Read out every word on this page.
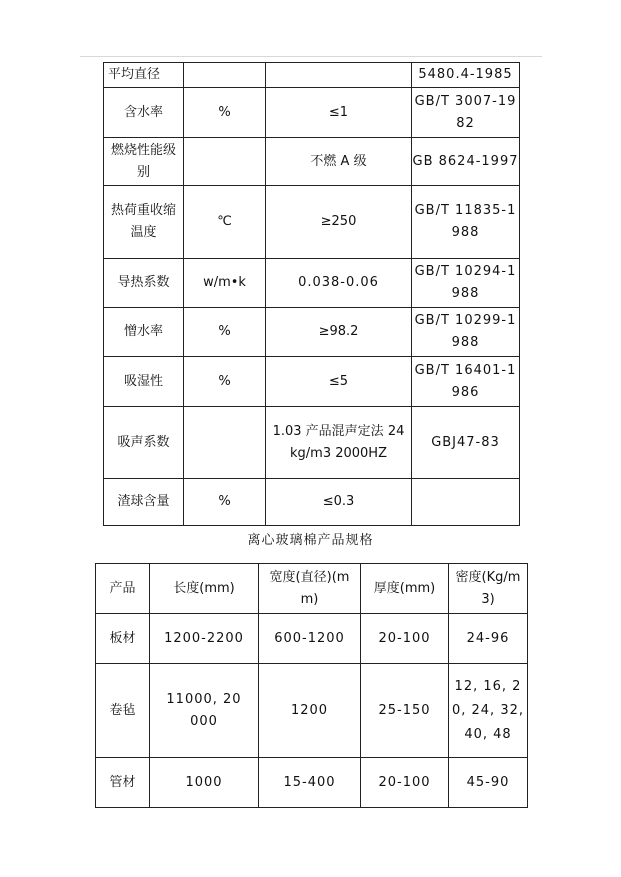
平均直径			5480.4-1985
含水率	%	≤1	GB/T 3007-1982
燃烧性能级别		不燃 A 级	GB 8624-1997
热荷重收缩温度	℃	≥250	GB/T 11835-1988
导热系数	w/m•k	0.038-0.06	GB/T 10294-1988
憎水率	%	≥98.2	GB/T 10299-1988
吸湿性	%	≤5	GB/T 16401-1986
吸声系数		1.03 产品混声定法 24kg/m3 2000HZ	GBJ47-83
渣球含量	%	≤0.3	
离心玻璃棉产品规格
产品	长度(mm)	宽度(直径)(mm)	厚度(mm)	密度(Kg/m3)
板材	1200-2200	600-1200	20-100	24-96
卷毡	11000, 20000	1200	25-150	12, 16, 20, 24, 32, 40, 48
管材	1000	15-400	20-100	45-90
